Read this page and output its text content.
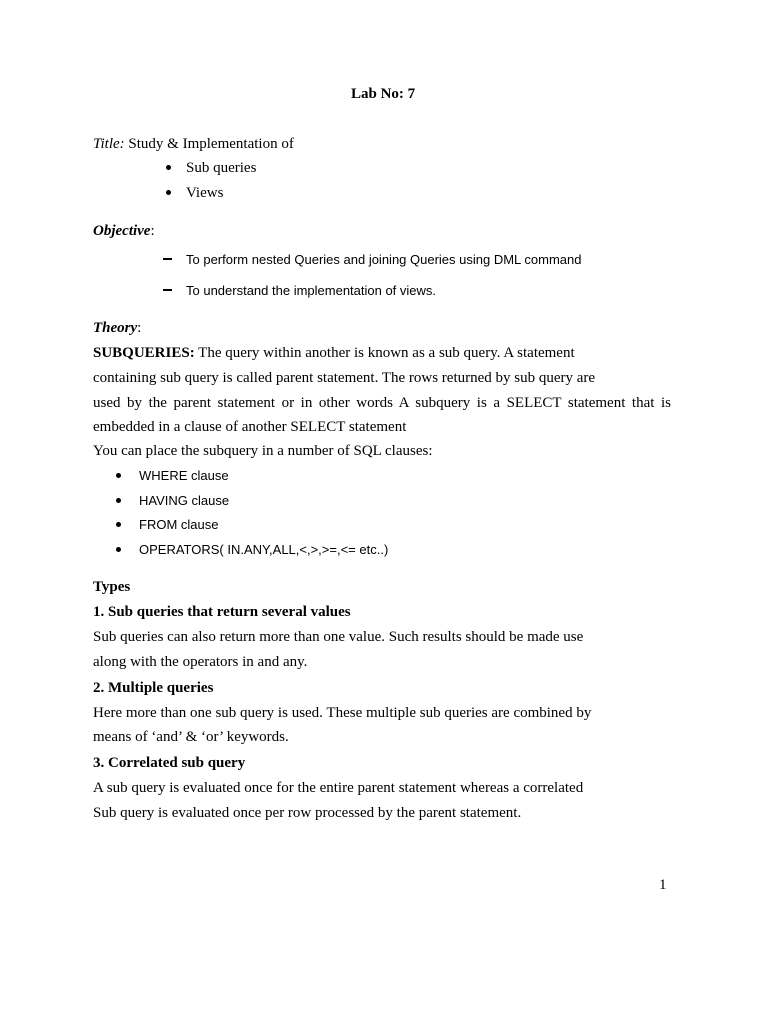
Lab No: 7
Title: Study & Implementation of
Sub queries
Views
Objective:
To perform nested Queries and joining Queries using DML command
To understand the implementation of views.
Theory:
SUBQUERIES: The query within another is known as a sub query. A statement
containing sub query is called parent statement. The rows returned by sub query are
used by the parent statement or in other words A subquery is a SELECT statement that is
embedded in a clause of another SELECT statement
You can place the subquery in a number of SQL clauses:
WHERE clause
HAVING clause
FROM clause
OPERATORS( IN.ANY,ALL,<,>,>=,<= etc..)
Types
1. Sub queries that return several values
Sub queries can also return more than one value. Such results should be made use
along with the operators in and any.
2. Multiple queries
Here more than one sub query is used. These multiple sub queries are combined by
means of ‘and’ & ‘or’ keywords.
3. Correlated sub query
A sub query is evaluated once for the entire parent statement whereas a correlated
Sub query is evaluated once per row processed by the parent statement.
1
